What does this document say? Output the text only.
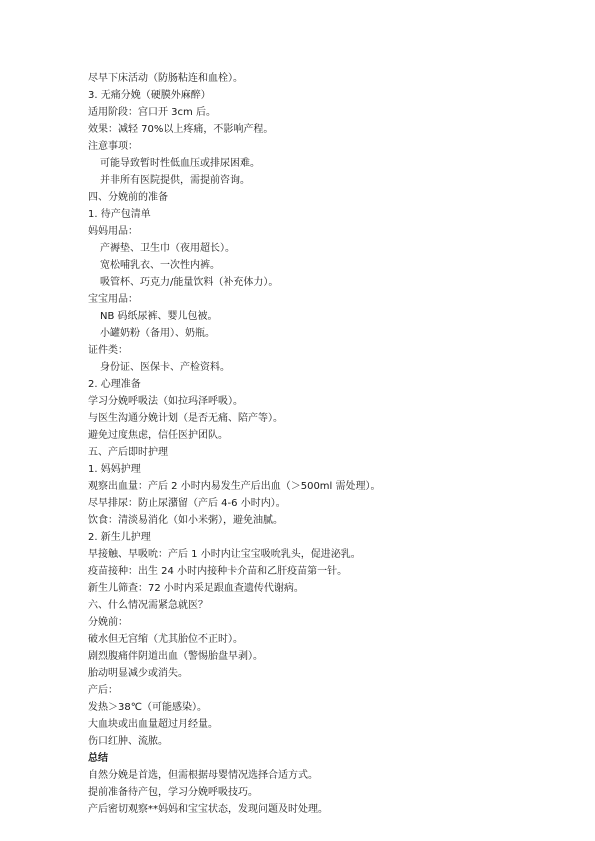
尽早下床活动（防肠粘连和血栓）。
3. 无痛分娩（硬膜外麻醉）
适用阶段：宫口开 3cm 后。
效果：减轻 70%以上疼痛，不影响产程。
注意事项：
可能导致暂时性低血压或排尿困难。
并非所有医院提供，需提前咨询。
四、分娩前的准备
1. 待产包清单
妈妈用品：
产褥垫、卫生巾（夜用超长）。
宽松哺乳衣、一次性内裤。
吸管杯、巧克力/能量饮料（补充体力）。
宝宝用品：
NB 码纸尿裤、婴儿包被。
小罐奶粉（备用）、奶瓶。
证件类：
身份证、医保卡、产检资料。
2. 心理准备
学习分娩呼吸法（如拉玛泽呼吸）。
与医生沟通分娩计划（是否无痛、陪产等）。
避免过度焦虑，信任医护团队。
五、产后即时护理
1. 妈妈护理
观察出血量：产后 2 小时内易发生产后出血（＞500ml 需处理）。
尽早排尿：防止尿潴留（产后 4-6 小时内）。
饮食：清淡易消化（如小米粥），避免油腻。
2. 新生儿护理
早接触、早吸吮：产后 1 小时内让宝宝吸吮乳头，促进泌乳。
疫苗接种：出生 24 小时内接种卡介苗和乙肝疫苗第一针。
新生儿筛查：72 小时内采足跟血查遗传代谢病。
六、什么情况需紧急就医？
分娩前：
破水但无宫缩（尤其胎位不正时）。
剧烈腹痛伴阴道出血（警惕胎盘早剥）。
胎动明显减少或消失。
产后：
发热＞38℃（可能感染）。
大血块或出血量超过月经量。
伤口红肿、流脓。
总结
自然分娩是首选，但需根据母婴情况选择合适方式。
提前准备待产包，学习分娩呼吸技巧。
产后密切观察**妈妈和宝宝状态，发现问题及时处理。
